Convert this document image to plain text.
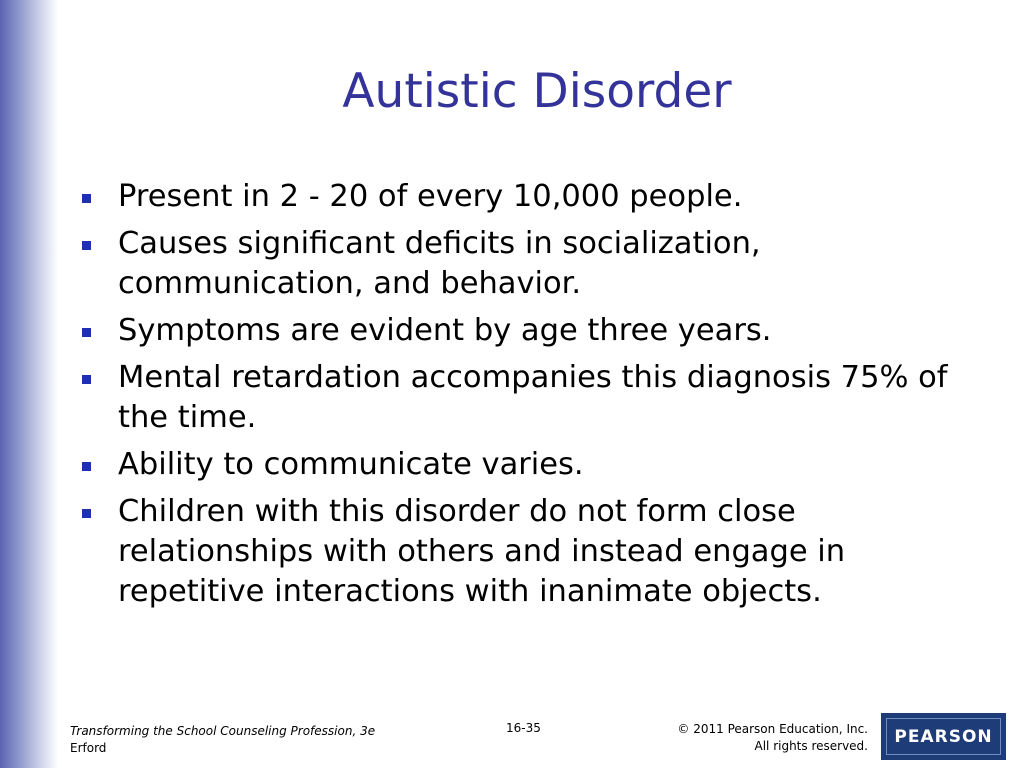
Autistic Disorder
Present in 2 - 20 of every 10,000 people.
Causes significant deficits in socialization, communication, and behavior.
Symptoms are evident by age three years.
Mental retardation accompanies this diagnosis 75% of the time.
Ability to communicate varies.
Children with this disorder do not form close relationships with others and instead engage in repetitive interactions with inanimate objects.
Transforming the School Counseling Profession, 3e
Erford
16-35	© 2011 Pearson Education, Inc.
All rights reserved. PEARSON
